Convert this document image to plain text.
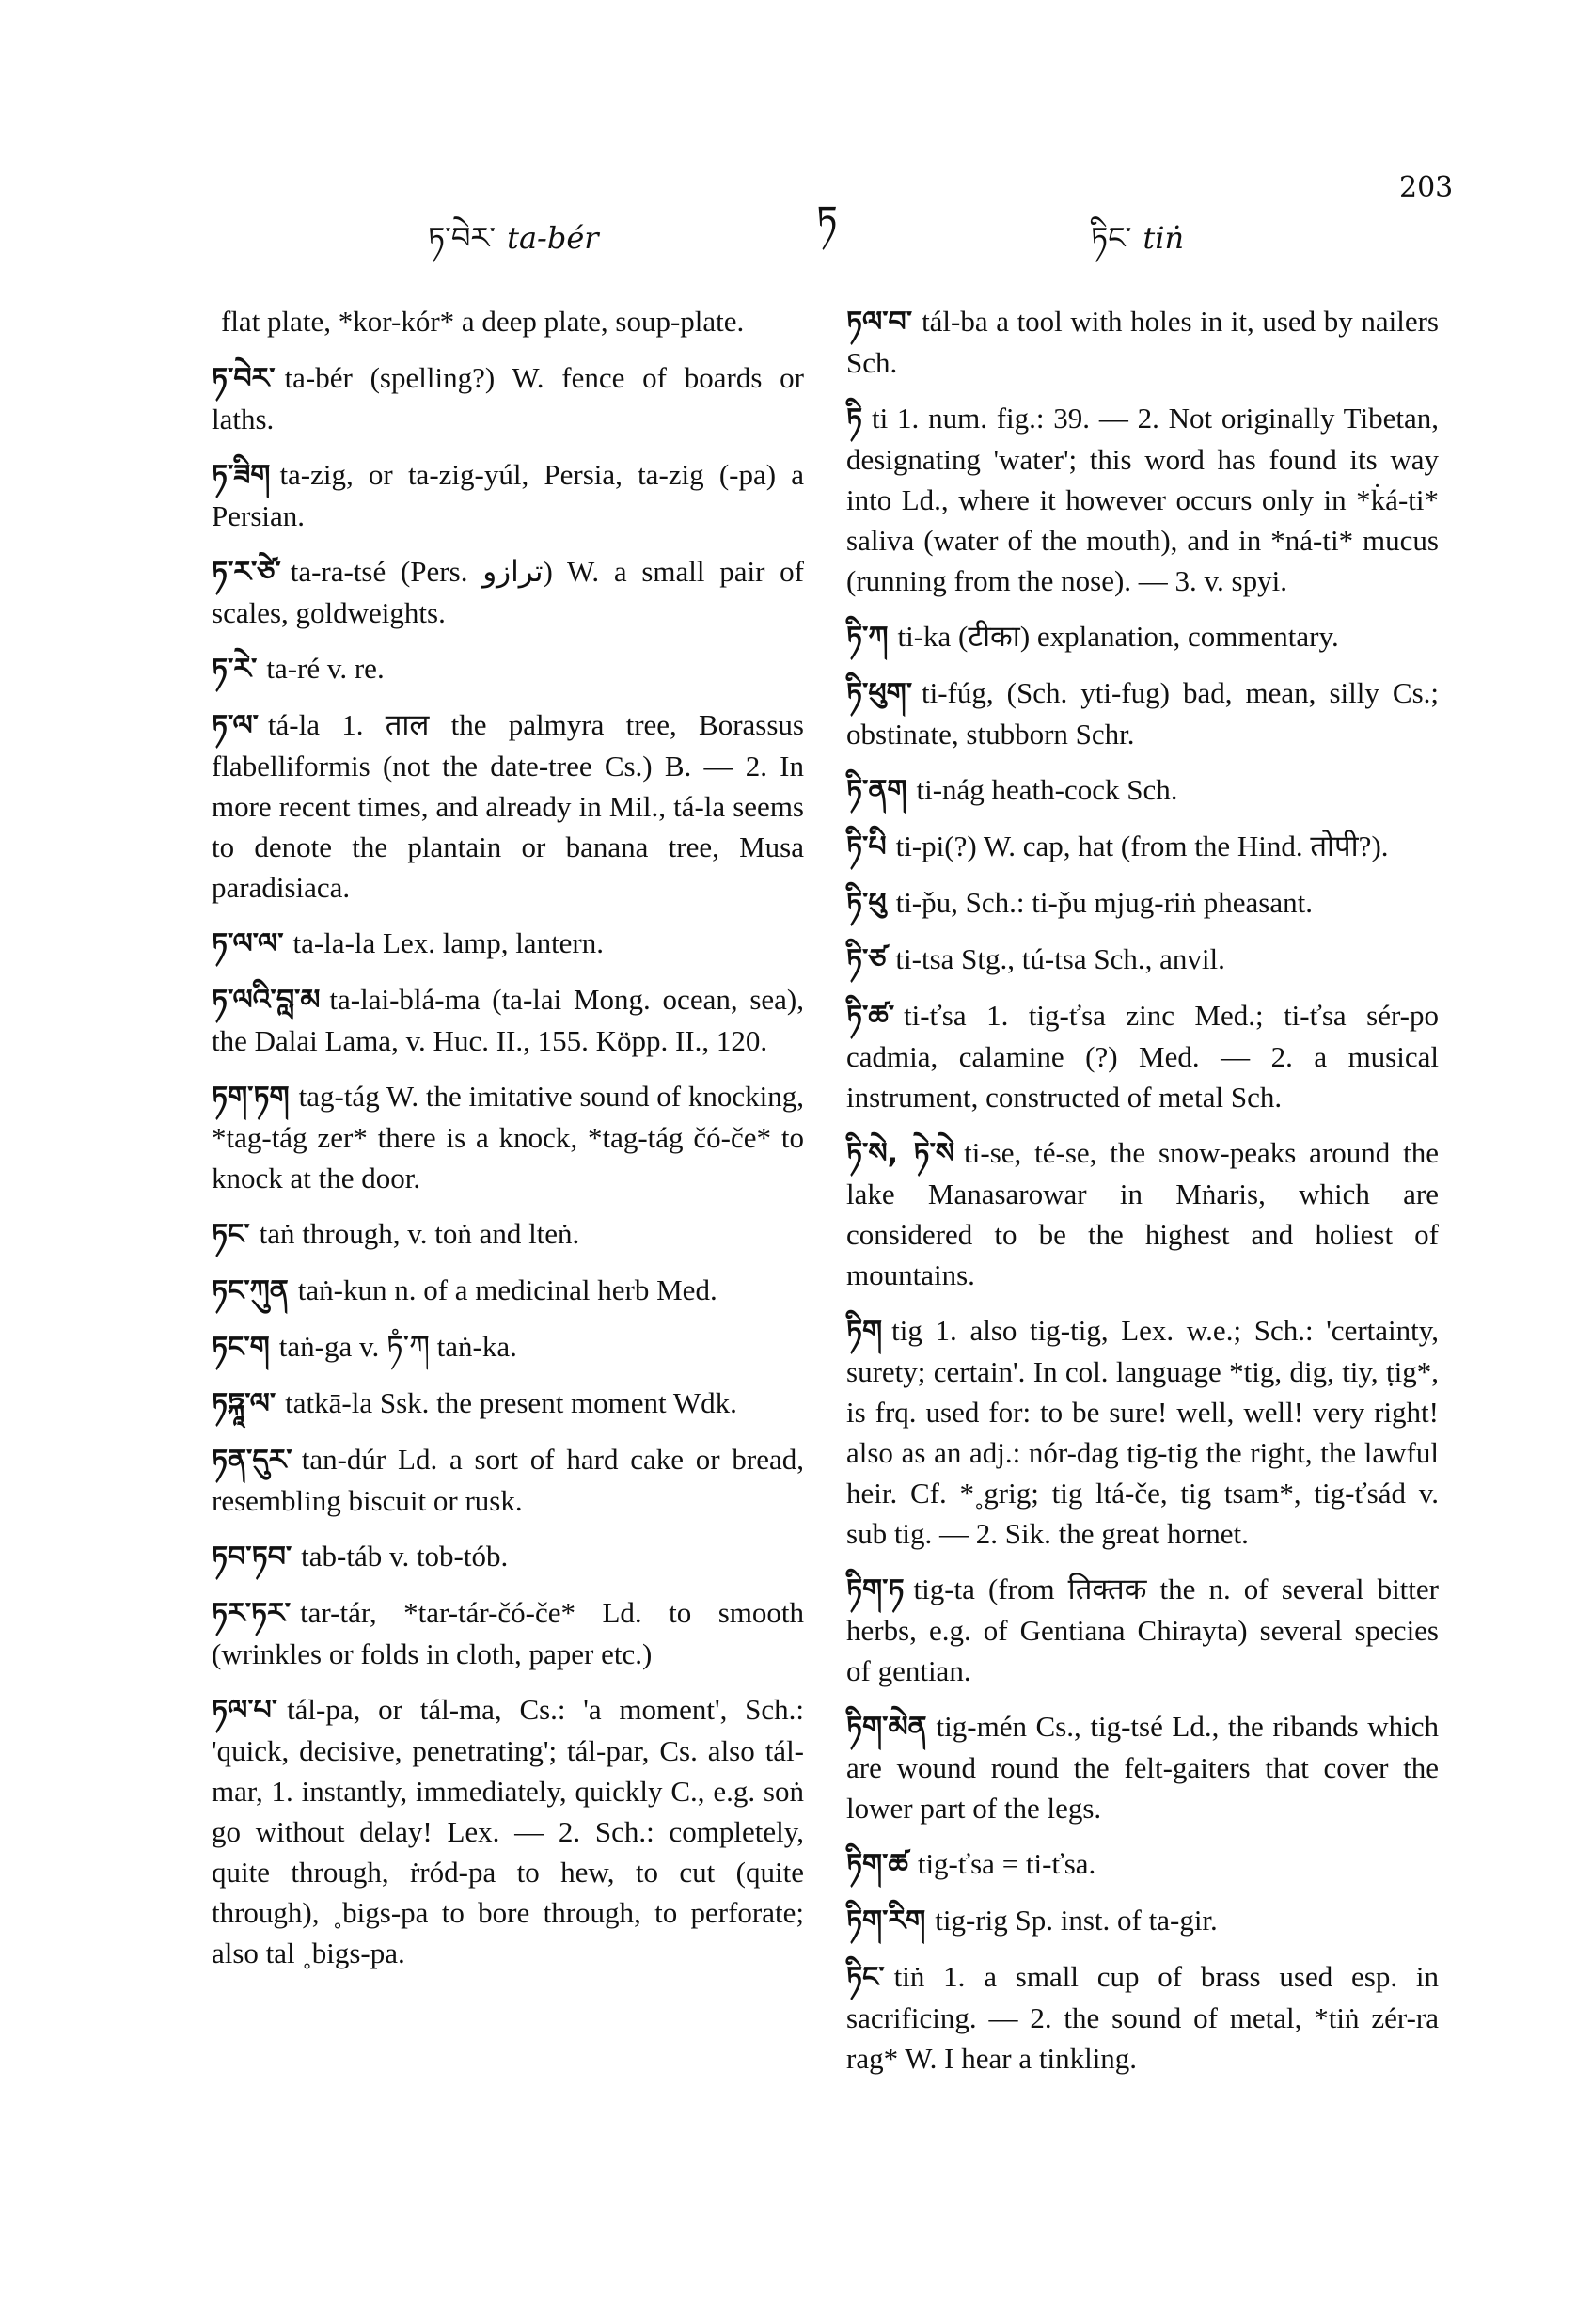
ཏ་བེར་ ta-bér	ཏ	ཏིང་ tiṅ
203
flat plate, *kor-kór* a deep plate, soup-plate.
ཏ་བེར་ ta-bér (spelling?) W. fence of boards or laths.
ཏ་ཟིག ta-zig, or ta-zig-yúl, Persia, ta-zig (-pa) a Persian.
ཏ་ར་ཙེ་ ta-ra-tsé (Pers. ترازو) W. a small pair of scales, goldweights.
ཏ་རེ་ ta-ré v. re.
ཏ་ལ་ tá-la 1. ताल the palmyra tree, Borassus flabelliformis (not the date-tree Cs.) B. — 2. In more recent times, and already in Mil., tá-la seems to denote the plantain or banana tree, Musa paradisiaca.
ཏ་ལ་ལ་ ta-la-la Lex. lamp, lantern.
ཏ་ལའི་བླ་མ ta-lai-blá-ma (ta-lai Mong. ocean, sea), the Dalai Lama, v. Huc. II., 155. Köpp. II., 120.
ཏག་ཏག tag-tág W. the imitative sound of knocking, *tag-tág zer* there is a knock, *tag-tág čó-če* to knock at the door.
ཏང་ taṅ through, v. toṅ and lteṅ.
ཏང་ཀུན taṅ-kun n. of a medicinal herb Med.
ཏང་ག taṅ-ga v. ཏཾ་ཀ taṅ-ka.
ཏཏྐཱ་ལ་ tatkā-la Ssk. the present moment Wdk.
ཏན་དུར་ tan-dúr Ld. a sort of hard cake or bread, resembling biscuit or rusk.
ཏབ་ཏབ་ tab-táb v. tob-tób.
ཏར་ཏར་ tar-tár, *tar-tár-čó-če* Ld. to smooth (wrinkles or folds in cloth, paper etc.)
ཏལ་པ་ tál-pa, or tál-ma, Cs.: 'a moment', Sch.: 'quick, decisive, penetrating'; tál-par, Cs. also tál-mar, 1. instantly, immediately, quickly C., e.g. soṅ go without delay! Lex. — 2. Sch.: completely, quite through, ṙród-pa to hew, to cut (quite through), ˳bigs-pa to bore through, to perforate; also tal ˳bigs-pa.
ཏལ་བ་ tál-ba a tool with holes in it, used by nailers Sch.
ཏི ti 1. num. fig.: 39. — 2. Not originally Tibetan, designating 'water'; this word has found its way into Ld., where it however occurs only in *k̇á-ti* saliva (water of the mouth), and in *ná-ti* mucus (running from the nose). — 3. v. spyi.
ཏི་ཀ ti-ka (टीका) explanation, commentary.
ཏི་ཕུག་ ti-fúg, (Sch. yti-fug) bad, mean, silly Cs.; obstinate, stubborn Schr.
ཏི་ནག ti-nág heath-cock Sch.
ཏི་པི ti-pi(?) W. cap, hat (from the Hind. तोपी?).
ཏི་ཕུ ti-p̌u, Sch.: ti-p̌u mjug-riṅ pheasant.
ཏི་ཙ ti-tsa Stg., tú-tsa Sch., anvil.
ཏི་ཚ་ ti-ťsa 1. tig-ťsa zinc Med.; ti-ťsa sér-po cadmia, calamine (?) Med. — 2. a musical instrument, constructed of metal Sch.
ཏི་སེ, ཏེ་སེ ti-se, té-se, the snow-peaks around the lake Manasarowar in Mṅaris, which are considered to be the highest and holiest of mountains.
ཏིག tig 1. also tig-tig, Lex. w.e.; Sch.: 'certainty, surety; certain'. In col. language *tig, dig, tiy, ṭig*, is frq. used for: to be sure! well, well! very right! also as an adj.: nór-dag tig-tig the right, the lawful heir. Cf. *˳grig; tig ltá-če, tig tsam*, tig-ťsád v. sub tig. — 2. Sik. the great hornet.
ཏིག་ཏ tig-ta (from तिक्तक the n. of several bitter herbs, e.g. of Gentiana Chirayta) several species of gentian.
ཏིག་མེན tig-mén Cs., tig-tsé Ld., the ribands which are wound round the felt-gaiters that cover the lower part of the legs.
ཏིག་ཚ tig-ťsa = ti-ťsa.
ཏིག་རིག tig-rig Sp. inst. of ta-gir.
ཏིང་ tiṅ 1. a small cup of brass used esp. in sacrificing. — 2. the sound of metal, *tiṅ zér-ra rag* W. I hear a tinkling.
